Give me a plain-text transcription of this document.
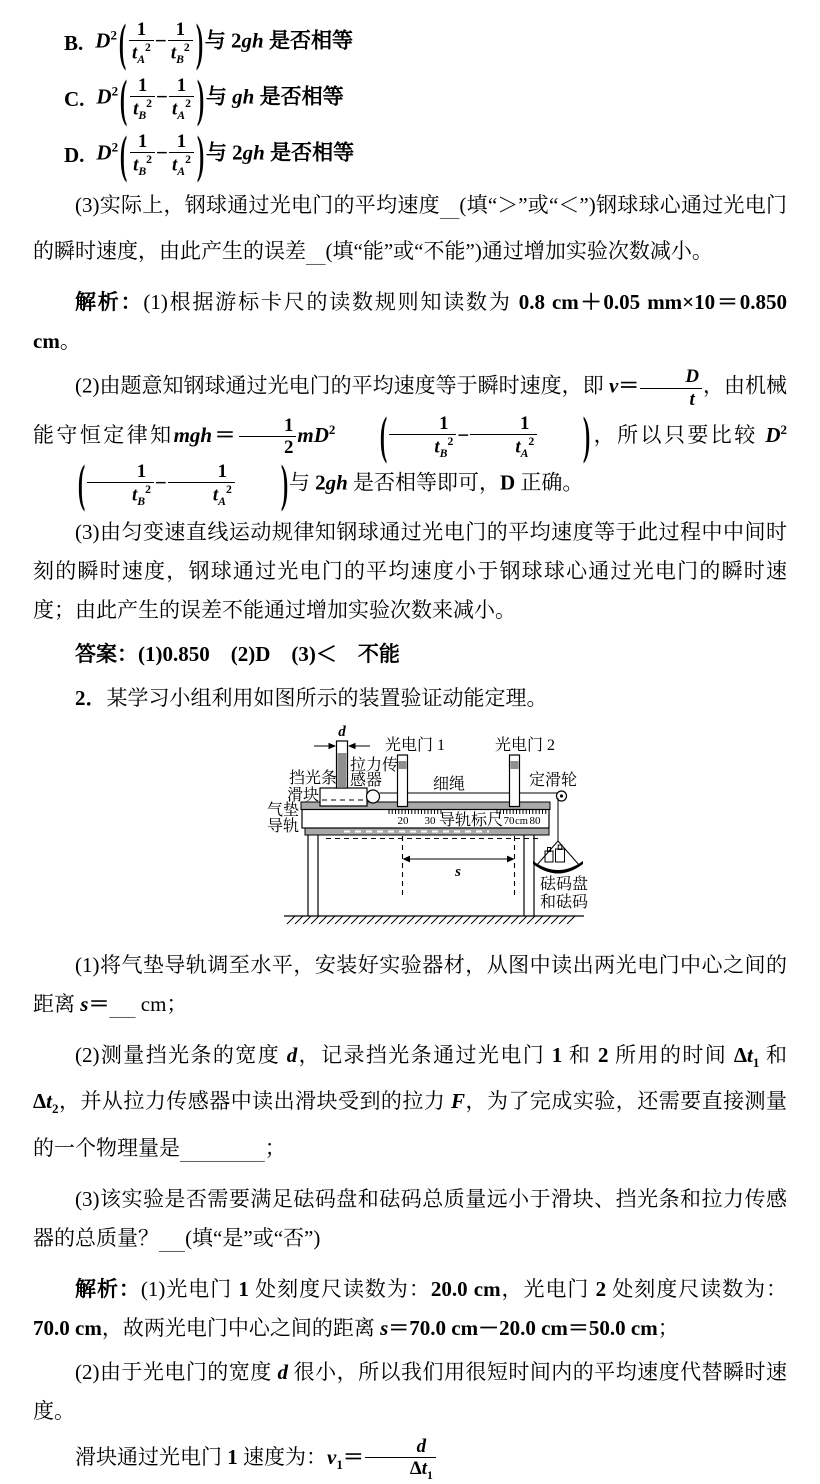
B. $D^2( \frac{1}{t_A^2} - \frac{1}{t_B^2}$ )与 2gh 是否相等
C. $D^2( \frac{1}{t_B^2} - \frac{1}{t_A^2}$ )与 gh 是否相等
D. $D^2( \frac{1}{t_B^2} - \frac{1}{t_A^2}$ )与 2gh 是否相等

(3)实际上，钢球通过光电门的平均速度$_{\_\_\_}$(填“＞”或“＜”)钢球球心通过光电门的瞬时速度，由此产生的误差$_{\_\_\_}$(填“能”或“不能”)通过增加实验次数减小。

解析：(1)根据游标卡尺的读数规则知读数为 0.8 cm＋0.05 mm×10＝0.850 cm。

(2)由题意知钢球通过光电门的平均速度等于瞬时速度，即 $v= \frac{D}{t}$ ，由机械能守恒定律知$mgh= \frac{1}{2} mD^2$ ( $\frac{1}{t_B^2} - \frac{1}{t_A^2}$ )，所以只要比较 $D^2( \frac{1}{t_B^2} - \frac{1}{t_A^2}$ )与 2gh 是否相等即可，D 正确。

(3)由匀变速直线运动规律知钢球通过光电门的平均速度等于此过程中中间时刻的瞬时速度，钢球通过光电门的平均速度小于钢球球心通过光电门的瞬时速度；由此产生的误差不能通过增加实验次数来减小。

答案：(1)0.850　(2)D　(3)＜　不能

2．某学习小组利用如图所示的装置验证动能定理。

20 30 导轨标尺 70 cm 80
d
光电门 1	光电门 2
挡光条
滑块
气垫
导轨
拉力传
感器	细绳	定滑轮
砝码盘
和砝码
s

(1)将气垫导轨调至水平，安装好实验器材，从图中读出两光电门中心之间的距离 $s=_{\_\_\_\_}$ cm；

(2)测量挡光条的宽度 d，记录挡光条通过光电门 1 和 2 所用的时间 $\Delta t_1$ 和 $\Delta t_2$，并从拉力传感器中读出滑块受到的拉力 F，为了完成实验，还需要直接测量的一个物理量是$_{\_\_\_\_\_\_\_\_\_\_\_\_\_}$；

(3)该实验是否需要满足砝码盘和砝码总质量远小于滑块、挡光条和拉力传感器的总质量？$_{\_\_\_\_}$(填“是”或“否”)

解析：(1)光电门 1 处刻度尺读数为：20.0 cm，光电门 2 处刻度尺读数为：70.0 cm，故两光电门中心之间的距离 s＝70.0 cm－20.0 cm＝50.0 cm；

(2)由于光电门的宽度 d 很小，所以我们用很短时间内的平均速度代替瞬时速度。

滑块通过光电门 1 速度为：$v_1= \frac{d}{\Delta t_1}$
